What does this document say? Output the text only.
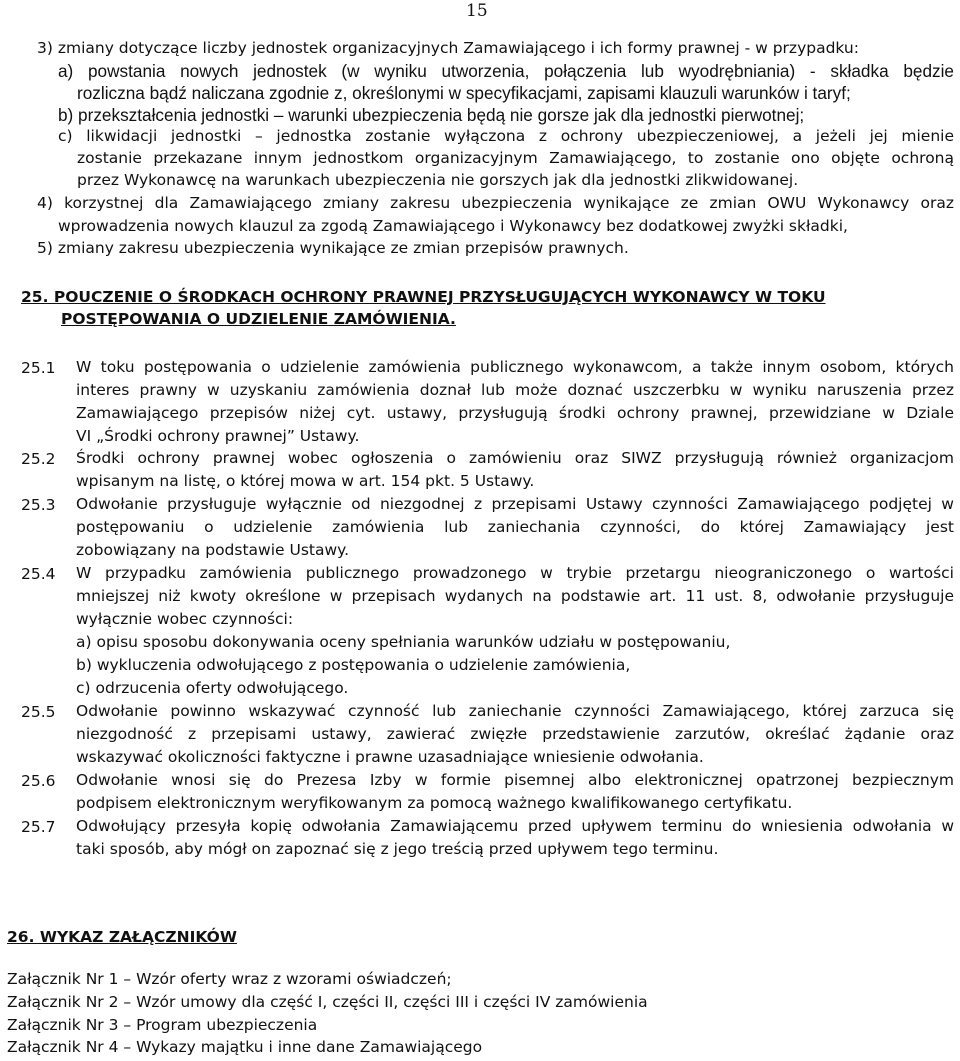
15
3) zmiany dotyczące liczby jednostek organizacyjnych Zamawiającego i ich formy prawnej - w przypadku:
a) powstania nowych jednostek (w wyniku utworzenia, połączenia lub wyodrębniania) - składka będzie
rozliczna bądź naliczana zgodnie z, określonymi w specyfikacjami, zapisami klauzuli warunków i taryf;
b) przekształcenia jednostki – warunki ubezpieczenia będą nie gorsze jak dla jednostki pierwotnej;
c) likwidacji jednostki – jednostka zostanie wyłączona z ochrony ubezpieczeniowej, a jeżeli jej mienie
zostanie przekazane innym jednostkom organizacyjnym Zamawiającego, to zostanie ono objęte ochroną
przez Wykonawcę na warunkach ubezpieczenia nie gorszych jak dla jednostki zlikwidowanej.
4) korzystnej dla Zamawiającego zmiany zakresu ubezpieczenia wynikające ze zmian OWU Wykonawcy oraz
wprowadzenia nowych klauzul za zgodą Zamawiającego i Wykonawcy bez dodatkowej zwyżki składki,
5) zmiany zakresu ubezpieczenia wynikające ze zmian przepisów prawnych.
25. POUCZENIE O ŚRODKACH OCHRONY PRAWNEJ PRZYSŁUGUJĄCYCH WYKONAWCY W TOKU
POSTĘPOWANIA O UDZIELENIE ZAMÓWIENIA.
25.1 W toku postępowania o udzielenie zamówienia publicznego wykonawcom, a także innym osobom, których
interes prawny w uzyskaniu zamówienia doznał lub może doznać uszczerbku w wyniku naruszenia przez
Zamawiającego przepisów niżej cyt. ustawy, przysługują środki ochrony prawnej, przewidziane w Dziale
VI „Środki ochrony prawnej” Ustawy.
25.2 Środki ochrony prawnej wobec ogłoszenia o zamówieniu oraz SIWZ przysługują również organizacjom
wpisanym na listę, o której mowa w art. 154 pkt. 5 Ustawy.
25.3 Odwołanie przysługuje wyłącznie od niezgodnej z przepisami Ustawy czynności Zamawiającego podjętej w
postępowaniu o udzielenie zamówienia lub zaniechania czynności, do której Zamawiający jest
zobowiązany na podstawie Ustawy.
25.4 W przypadku zamówienia publicznego prowadzonego w trybie przetargu nieograniczonego o wartości
mniejszej niż kwoty określone w przepisach wydanych na podstawie art. 11 ust. 8, odwołanie przysługuje
wyłącznie wobec czynności:
a) opisu sposobu dokonywania oceny spełniania warunków udziału w postępowaniu,
b) wykluczenia odwołującego z postępowania o udzielenie zamówienia,
c) odrzucenia oferty odwołującego.
25.5 Odwołanie powinno wskazywać czynność lub zaniechanie czynności Zamawiającego, której zarzuca się
niezgodność z przepisami ustawy, zawierać zwięzłe przedstawienie zarzutów, określać żądanie oraz
wskazywać okoliczności faktyczne i prawne uzasadniające wniesienie odwołania.
25.6 Odwołanie wnosi się do Prezesa Izby w formie pisemnej albo elektronicznej opatrzonej bezpiecznym
podpisem elektronicznym weryfikowanym za pomocą ważnego kwalifikowanego certyfikatu.
25.7 Odwołujący przesyła kopię odwołania Zamawiającemu przed upływem terminu do wniesienia odwołania w
taki sposób, aby mógł on zapoznać się z jego treścią przed upływem tego terminu.
26. WYKAZ ZAŁĄCZNIKÓW
Załącznik Nr 1 – Wzór oferty wraz z wzorami oświadczeń;
Załącznik Nr 2 – Wzór umowy dla część I, części II, części III i części IV zamówienia
Załącznik Nr 3 – Program ubezpieczenia
Załącznik Nr 4 – Wykazy majątku i inne dane Zamawiającego
